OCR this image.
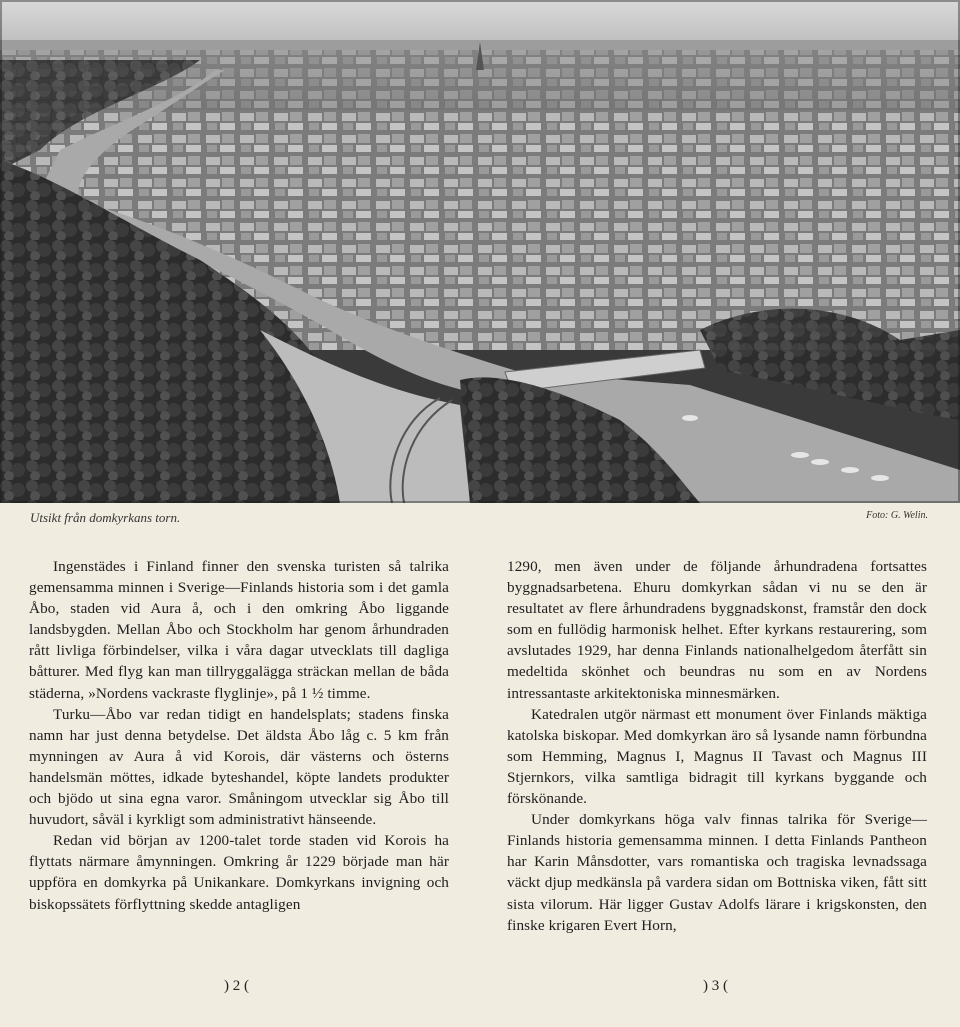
Utsikt från domkyrkans torn.	Foto: G. Welin.

Ingenstädes i Finland finner den svenska turisten så talrika gemensamma minnen i Sverige—Finlands historia som i det gamla Åbo, staden vid Aura å, och i den omkring Åbo liggande landsbygden. Mellan Åbo och Stockholm har genom århundraden rått livliga förbindelser, vilka i våra dagar utvecklats till dagliga båtturer. Med flyg kan man tillryggalägga sträckan mellan de båda städerna, »Nordens vackraste flyglinje», på 1 ½ timme.

Turku—Åbo var redan tidigt en handelsplats; stadens finska namn har just denna betydelse. Det äldsta Åbo låg c. 5 km från mynningen av Aura å vid Korois, där västerns och österns handelsmän möttes, idkade byteshandel, köpte landets produkter och bjödo ut sina egna varor. Småningom utvecklar sig Åbo till huvudort, såväl i kyrkligt som administrativt hänseende.

Redan vid början av 1200-talet torde staden vid Korois ha flyttats närmare åmynningen. Omkring år 1229 började man här uppföra en domkyrka på Unikankare. Domkyrkans invigning och biskopssätets förflyttning skedde antagligen

1290, men även under de följande århundradena fortsattes byggnadsarbetena. Ehuru domkyrkan sådan vi nu se den är resultatet av flere århundradens byggnadskonst, framstår den dock som en fullödig harmonisk helhet. Efter kyrkans restaurering, som avslutades 1929, har denna Finlands nationalhelgedom återfått sin medeltida skönhet och beundras nu som en av Nordens intressantaste arkitektoniska minnesmärken.

Katedralen utgör närmast ett monument över Finlands mäktiga katolska biskopar. Med domkyrkan äro så lysande namn förbundna som Hemming, Magnus I, Magnus II Tavast och Magnus III Stjernkors, vilka samtliga bidragit till kyrkans byggande och förskönande.

Under domkyrkans höga valv finnas talrika för Sverige—Finlands historia gemensamma minnen. I detta Finlands Pantheon har Karin Månsdotter, vars romantiska och tragiska levnadssaga väckt djup medkänsla på vardera sidan om Bottniska viken, fått sitt sista vilorum. Här ligger Gustav Adolfs lärare i krigskonsten, den finske krigaren Evert Horn,

) 2 (	) 3 (
